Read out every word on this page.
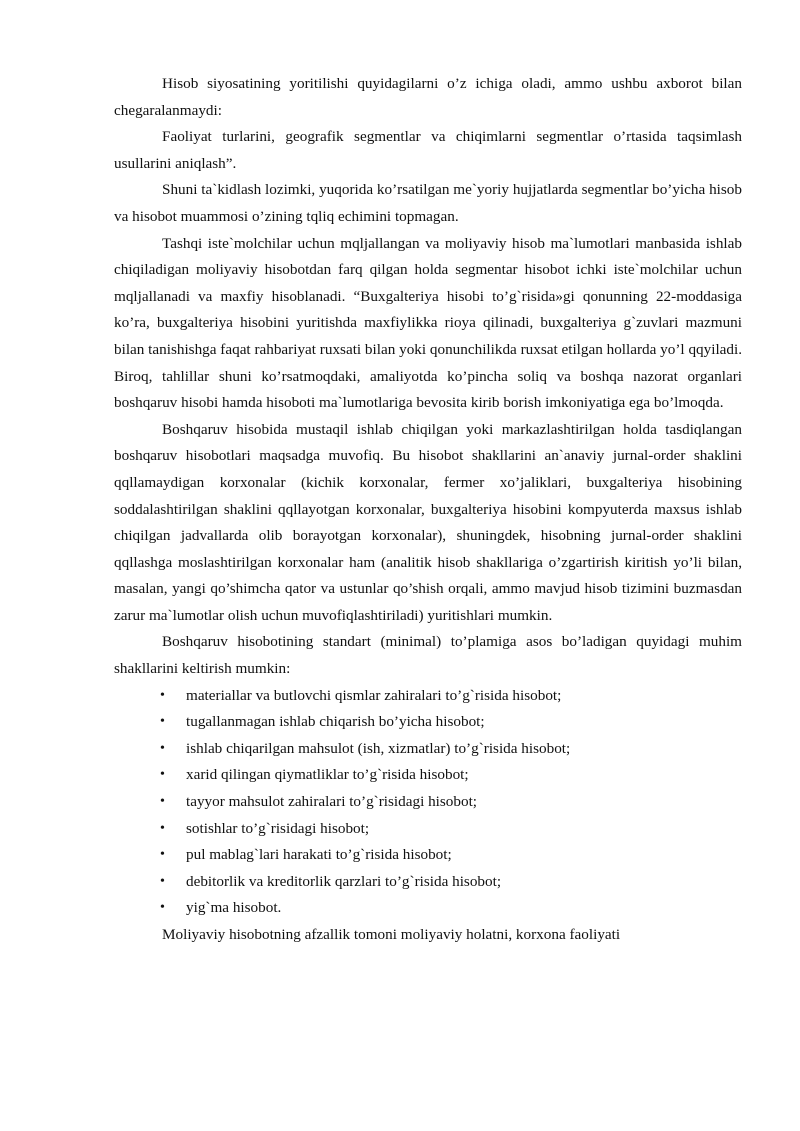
Hisob siyosatining yoritilishi quyidagilarni o’z ichiga oladi, ammo ushbu axborot bilan chegaralanmaydi:

Faoliyat turlarini, geografik segmentlar va chiqimlarni segmentlar o’rtasida taqsimlash usullarini aniqlash”.

Shuni ta`kidlash lozimki, yuqorida ko’rsatilgan me`yoriy hujjatlarda segmentlar bo’yicha hisob va hisobot muammosi o’zining tqliq echimini topmagan.

Tashqi iste`molchilar uchun mqljallangan va moliyaviy hisob ma`lumotlari manbasida ishlab chiqiladigan moliyaviy hisobotdan farq qilgan holda segmentar hisobot ichki iste`molchilar uchun mqljallanadi va maxfiy hisoblanadi. “Buxgalteriya hisobi to’g`risida»gi qonunning 22-moddasiga ko’ra, buxgalteriya hisobini yuritishda maxfiylikka rioya qilinadi, buxgalteriya g`zuvlari mazmuni bilan tanishishga faqat rahbariyat ruxsati bilan yoki qonunchilikda ruxsat etilgan hollarda yo’l qqyiladi. Biroq, tahlillar shuni ko’rsatmoqdaki, amaliyotda ko’pincha soliq va boshqa nazorat organlari boshqaruv hisobi hamda hisoboti ma`lumotlariga bevosita kirib borish imkoniyatiga ega bo’lmoqda.

Boshqaruv hisobida mustaqil ishlab chiqilgan yoki markazlashtirilgan holda tasdiqlangan boshqaruv hisobotlari maqsadga muvofiq. Bu hisobot shakllarini an`anaviy jurnal-order shaklini qqllamaydigan korxonalar (kichik korxonalar, fermer xo’jaliklari, buxgalteriya hisobining soddalashtirilgan shaklini qqllayotgan korxonalar, buxgalteriya hisobini kompyuterda maxsus ishlab chiqilgan jadvallarda olib borayotgan korxonalar), shuningdek, hisobning jurnal-order shaklini qqllashga moslashtirilgan korxonalar ham (analitik hisob shakllariga o’zgartirish kiritish yo’li bilan, masalan, yangi qo’shimcha qator va ustunlar qo’shish orqali, ammo mavjud hisob tizimini buzmasdan zarur ma`lumotlar olish uchun muvofiqlashtiriladi) yuritishlari mumkin.

Boshqaruv hisobotining standart (minimal) to’plamiga asos bo’ladigan quyidagi muhim shakllarini keltirish mumkin:

• materiallar va butlovchi qismlar zahiralari to’g`risida hisobot;
• tugallanmagan ishlab chiqarish bo’yicha hisobot;
• ishlab chiqarilgan mahsulot (ish, xizmatlar) to’g`risida hisobot;
• xarid qilingan qiymatliklar to’g`risida hisobot;
• tayyor mahsulot zahiralari to’g`risidagi hisobot;
• sotishlar to’g`risidagi hisobot;
• pul mablag`lari harakati to’g`risida hisobot;
• debitorlik va kreditorlik qarzlari to’g`risida hisobot;
• yig`ma hisobot.

Moliyaviy hisobotning afzallik tomoni moliyaviy holatni, korxona faoliyati
